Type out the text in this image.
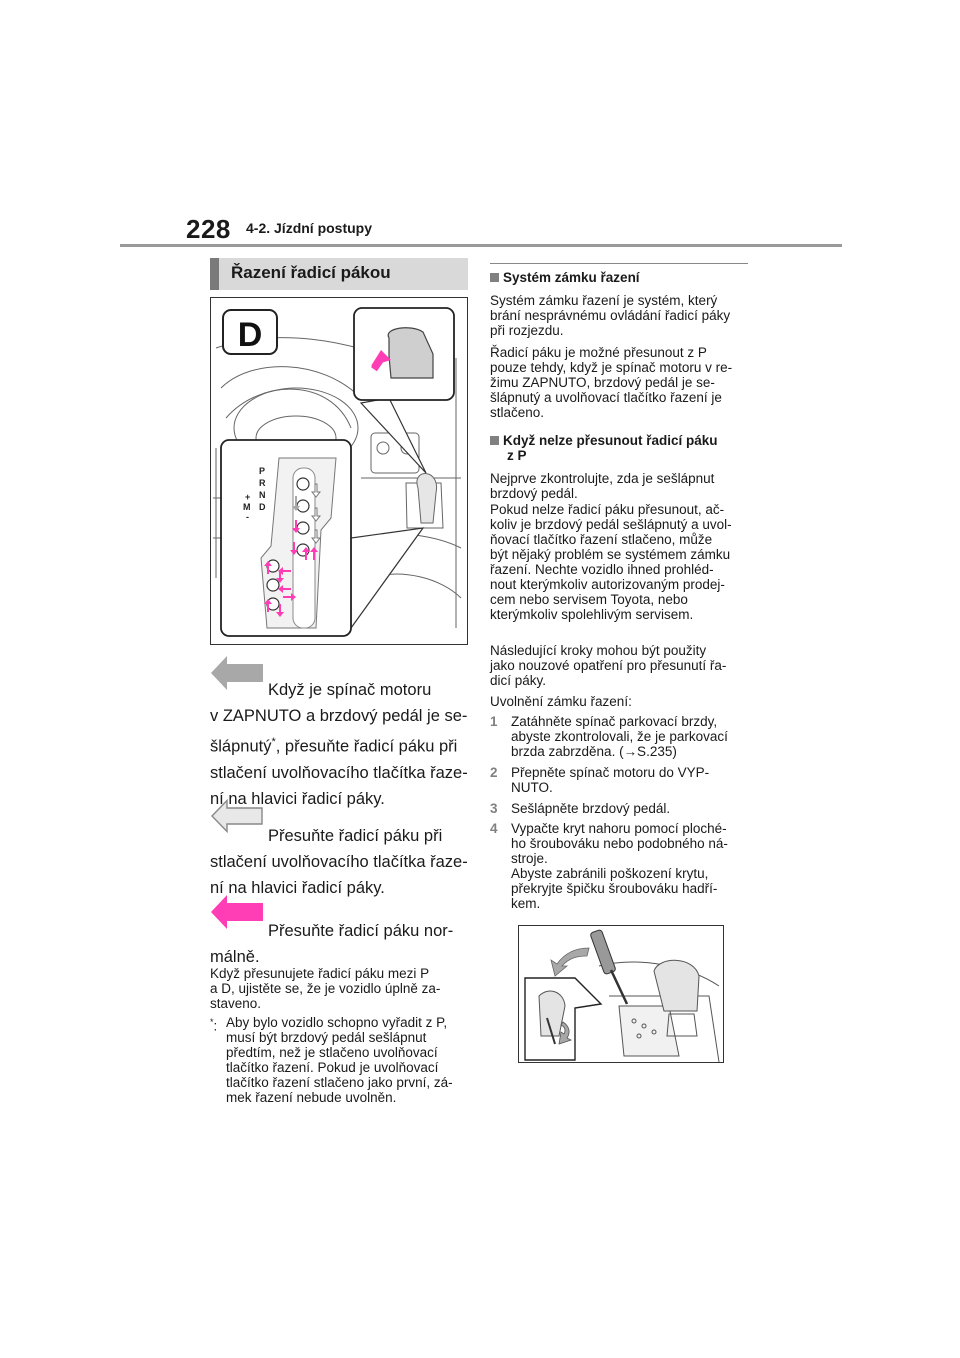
228 4-2. Jízdní postupy
Řazení řadicí pákou
D
P
R
N
D
M
+
-
Když je spínač motoru
v ZAPNUTO a brzdový pedál je se-
šlápnutý*, přesuňte řadicí páku při
stlačení uvolňovacího tlačítka řaze-
ní na hlavici řadicí páky.
Přesuňte řadicí páku při
stlačení uvolňovacího tlačítka řaze-
ní na hlavici řadicí páky.
Přesuňte řadicí páku nor-
málně.
Když přesunujete řadicí páku mezi P
a D, ujistěte se, že je vozidlo úplně za-
staveno.
*: Aby bylo vozidlo schopno vyřadit z P,
musí být brzdový pedál sešlápnut
předtím, než je stlačeno uvolňovací
tlačítko řazení. Pokud je uvolňovací
tlačítko řazení stlačeno jako první, zá-
mek řazení nebude uvolněn.
Systém zámku řazení
Systém zámku řazení je systém, který
brání nesprávnému ovládání řadicí páky
při rozjezdu.
Řadicí páku je možné přesunout z P
pouze tehdy, když je spínač motoru v re-
žimu ZAPNUTO, brzdový pedál je se-
šlápnutý a uvolňovací tlačítko řazení je
stlačeno.
Když nelze přesunout řadicí páku
z P
Nejprve zkontrolujte, zda je sešlápnut
brzdový pedál.
Pokud nelze řadicí páku přesunout, ač-
koliv je brzdový pedál sešlápnutý a uvol-
ňovací tlačítko řazení stlačeno, může
být nějaký problém se systémem zámku
řazení. Nechte vozidlo ihned prohléd-
nout kterýmkoliv autorizovaným prodej-
cem nebo servisem Toyota, nebo
kterýmkoliv spolehlivým servisem.
Následující kroky mohou být použity
jako nouzové opatření pro přesunutí řa-
dicí páky.
Uvolnění zámku řazení:
1 Zatáhněte spínač parkovací brzdy,
abyste zkontrolovali, že je parkovací
brzda zabrzděna. (→S.235)
2 Přepněte spínač motoru do VYP-
NUTO.
3 Sešlápněte brzdový pedál.
4 Vypačte kryt nahoru pomocí ploché-
ho šroubováku nebo podobného ná-
stroje.
Abyste zabránili poškození krytu,
překryjte špičku šroubováku hadří-
kem.
